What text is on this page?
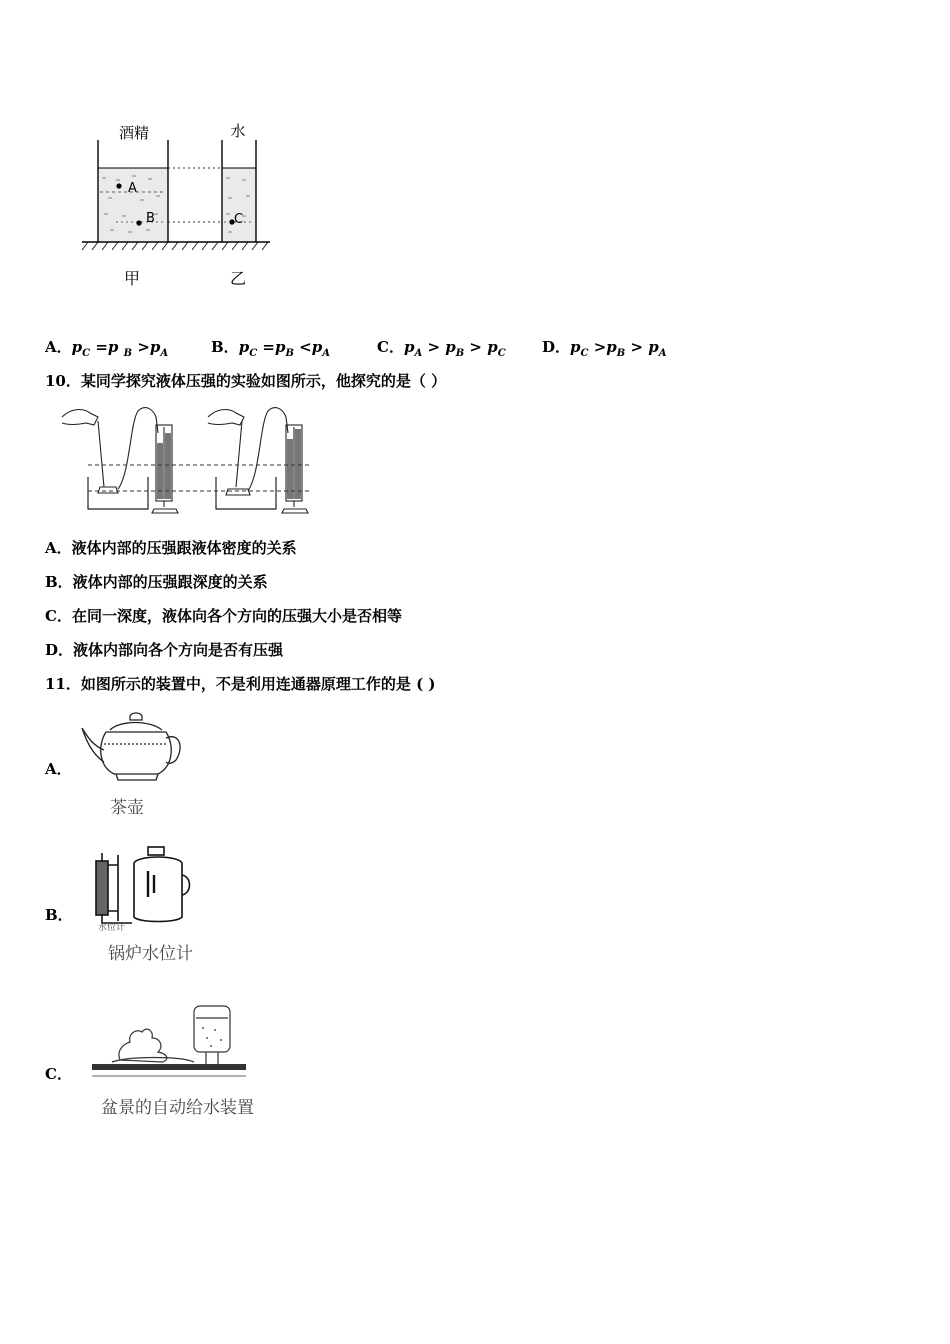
酒精	水
A
B	C
甲	乙
A．$p_C =p$ $_B >p_A$	B．$p_C =p_B <p_A$	C．$p_A > p_B > p_C$ D．$p_C >p_B > p_A$
10．某同学探究液体压强的实验如图所示，他探究的是（ ）
A．液体内部的压强跟液体密度的关系
B．液体内部的压强跟深度的关系
C．在同一深度，液体向各个方向的压强大小是否相等
D．液体内部向各个方向是否有压强
11．如图所示的装置中，不是利用连通器原理工作的是 ( )
A．
茶壶
B．
水位计
锅炉水位计
C．
盆景的自动给水装置
